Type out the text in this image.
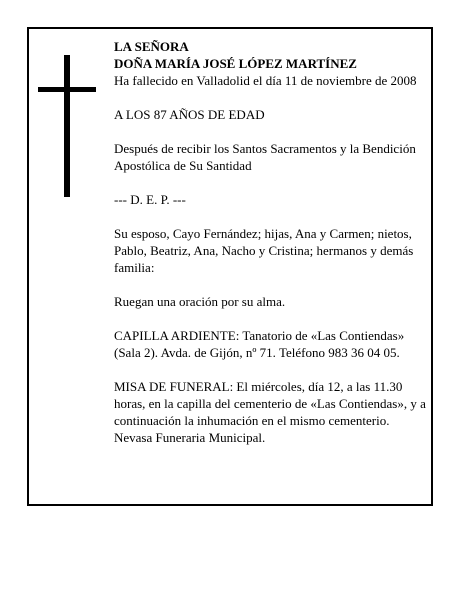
LA SEÑORA

DOÑA MARÍA JOSÉ LÓPEZ MARTÍNEZ

Ha fallecido en Valladolid el día 11 de noviembre de 2008

A LOS 87 AÑOS DE EDAD

Después de recibir los Santos Sacramentos y la Bendición Apostólica de Su Santidad

--- D. E. P. ---

Su esposo, Cayo Fernández; hijas, Ana y Carmen; nietos, Pablo, Beatriz, Ana, Nacho y Cristina; hermanos y demás familia:

Ruegan una oración por su alma.

CAPILLA ARDIENTE: Tanatorio de «Las Contiendas» (Sala 2). Avda. de Gijón, nº 71. Teléfono 983 36 04 05.

MISA DE FUNERAL: El miércoles, día 12, a las 11.30 horas, en la capilla del cementerio de «Las Contiendas», y a continuación la inhumación en el mismo cementerio.

Nevasa Funeraria Municipal.
